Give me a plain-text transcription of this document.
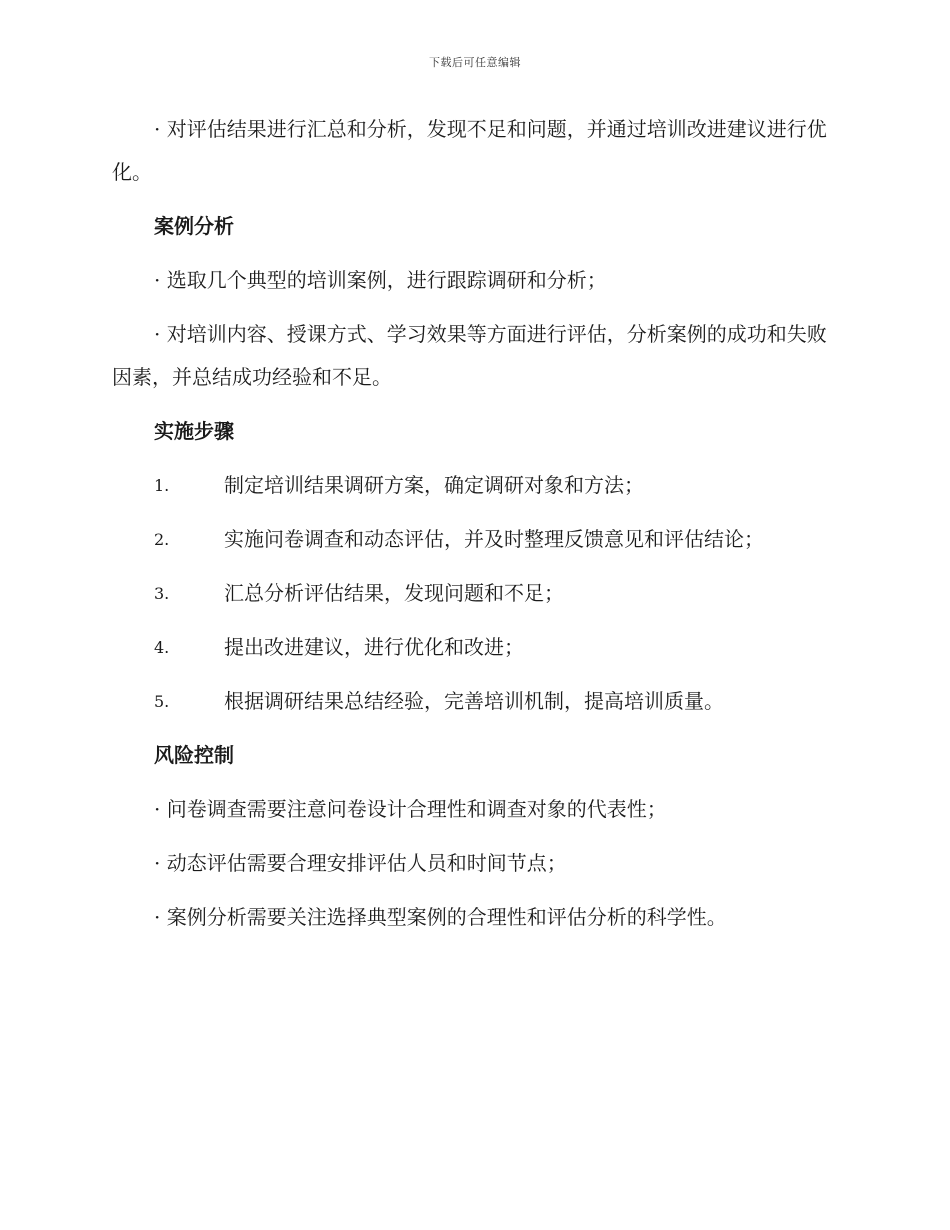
下载后可任意编辑

· 对评估结果进行汇总和分析，发现不足和问题，并通过培训改进建议进行优化。

案例分析

· 选取几个典型的培训案例，进行跟踪调研和分析；

· 对培训内容、授课方式、学习效果等方面进行评估，分析案例的成功和失败因素，并总结成功经验和不足。

实施步骤

1.	制定培训结果调研方案，确定调研对象和方法；
2.	实施问卷调查和动态评估，并及时整理反馈意见和评估结论；
3.	汇总分析评估结果，发现问题和不足；
4.	提出改进建议，进行优化和改进；
5.	根据调研结果总结经验，完善培训机制，提高培训质量。

风险控制

· 问卷调查需要注意问卷设计合理性和调查对象的代表性；

· 动态评估需要合理安排评估人员和时间节点；

· 案例分析需要关注选择典型案例的合理性和评估分析的科学性。
